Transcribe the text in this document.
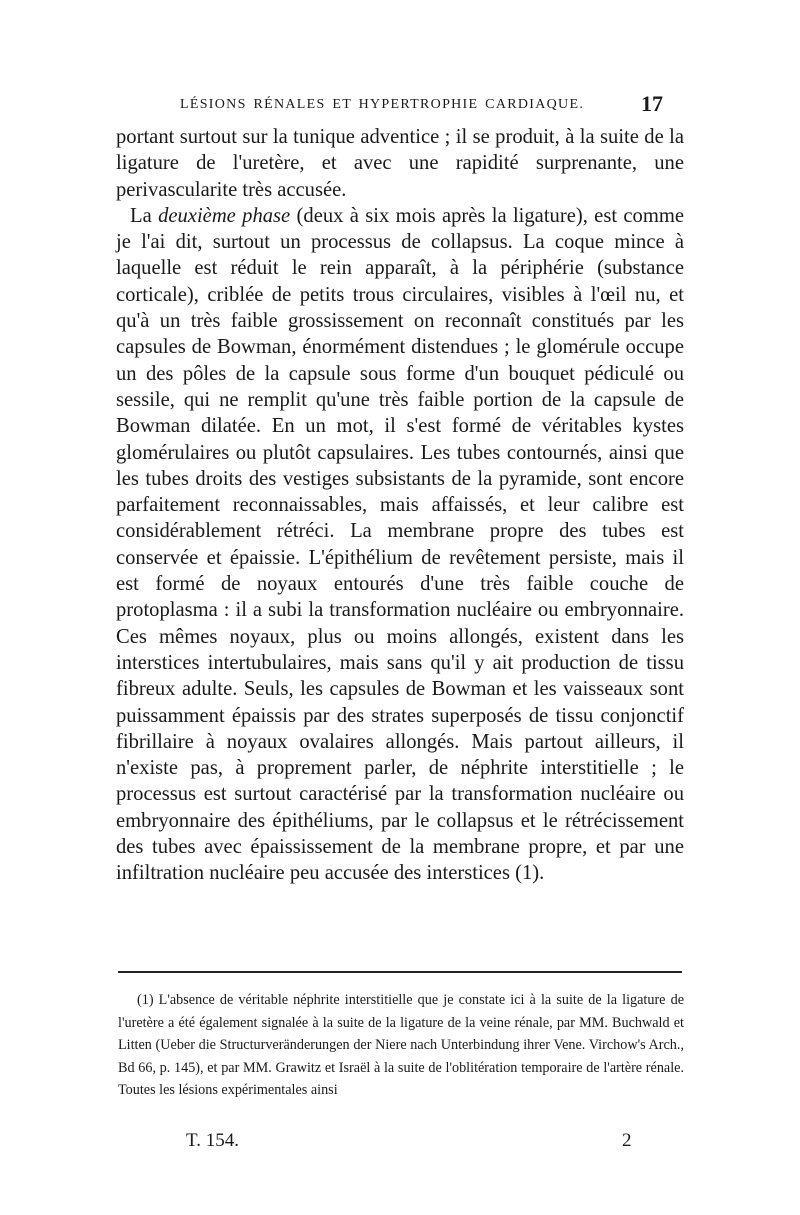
LÉSIONS RÉNALES ET HYPERTROPHIE CARDIAQUE.	17

portant surtout sur la tunique adventice ; il se produit, à la suite de la ligature de l'uretère, et avec une rapidité surprenante, une perivascularite très accusée.

La deuxième phase (deux à six mois après la ligature), est comme je l'ai dit, surtout un processus de collapsus. La coque mince à laquelle est réduit le rein apparaît, à la périphérie (substance corticale), criblée de petits trous circulaires, visibles à l'œil nu, et qu'à un très faible grossissement on reconnaît constitués par les capsules de Bowman, énormément distendues ; le glomérule occupe un des pôles de la capsule sous forme d'un bouquet pédiculé ou sessile, qui ne remplit qu'une très faible portion de la capsule de Bowman dilatée. En un mot, il s'est formé de véritables kystes glomérulaires ou plutôt capsulaires. Les tubes contournés, ainsi que les tubes droits des vestiges subsistants de la pyramide, sont encore parfaitement reconnaissables, mais affaissés, et leur calibre est considérablement rétréci. La membrane propre des tubes est conservée et épaissie. L'épithélium de revêtement persiste, mais il est formé de noyaux entourés d'une très faible couche de protoplasma : il a subi la transformation nucléaire ou embryonnaire. Ces mêmes noyaux, plus ou moins allongés, existent dans les interstices intertubulaires, mais sans qu'il y ait production de tissu fibreux adulte. Seuls, les capsules de Bowman et les vaisseaux sont puissamment épaissis par des strates superposés de tissu conjonctif fibrillaire à noyaux ovalaires allongés. Mais partout ailleurs, il n'existe pas, à proprement parler, de néphrite interstitielle ; le processus est surtout caractérisé par la transformation nucléaire ou embryonnaire des épithéliums, par le collapsus et le rétrécissement des tubes avec épaississement de la membrane propre, et par une infiltration nucléaire peu accusée des interstices (1).

(1) L'absence de véritable néphrite interstitielle que je constate ici à la suite de la ligature de l'uretère a été également signalée à la suite de la ligature de la veine rénale, par MM. Buchwald et Litten (Ueber die Structurveränderungen der Niere nach Unterbindung ihrer Vene. Virchow's Arch., Bd 66, p. 145), et par MM. Grawitz et Israël à la suite de l'oblitération temporaire de l'artère rénale. Toutes les lésions expérimentales ainsi

T. 154.	2
